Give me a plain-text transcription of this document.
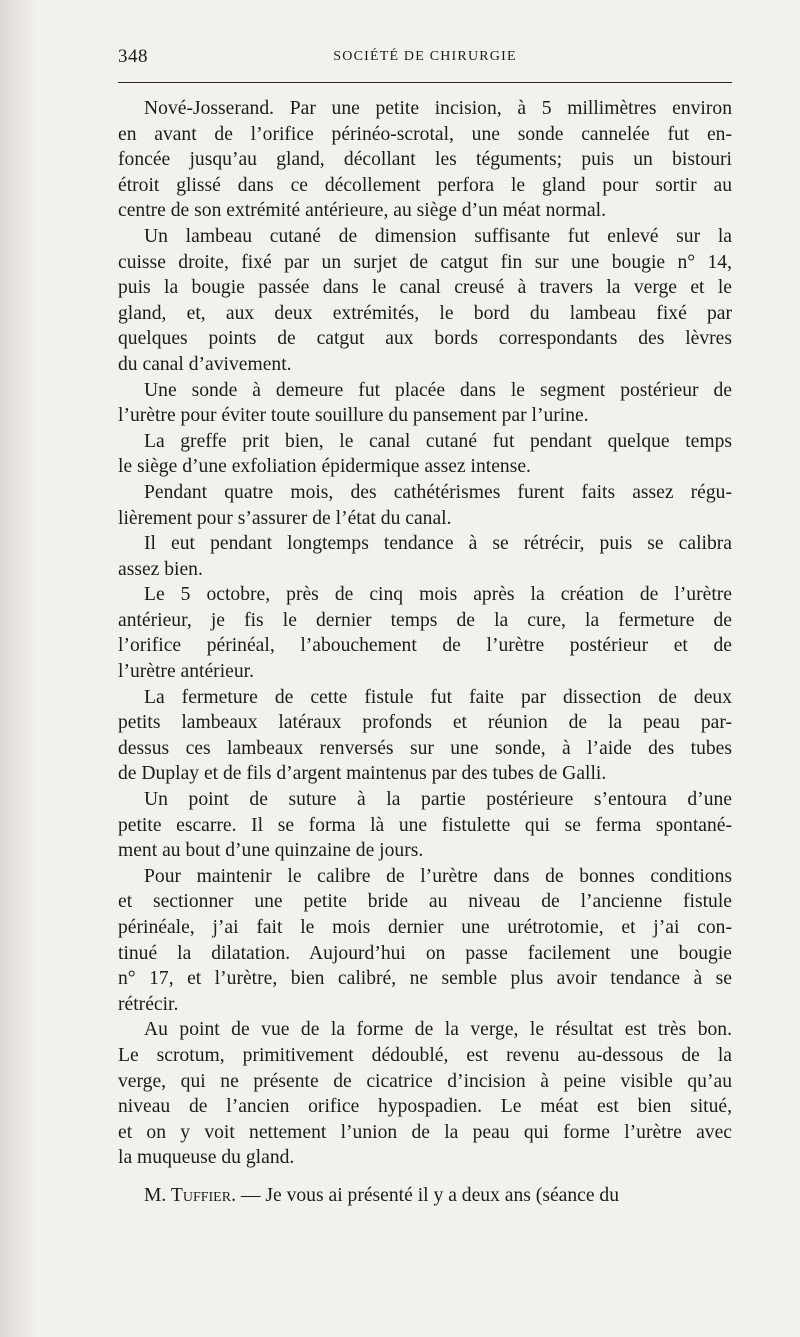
348	SOCIÉTÉ DE CHIRURGIE

Nové-Josserand. Par une petite incision, à 5 millimètres environ
en avant de l’orifice périnéo-scrotal, une sonde cannelée fut en-
foncée jusqu’au gland, décollant les téguments; puis un bistouri
étroit glissé dans ce décollement perfora le gland pour sortir au
centre de son extrémité antérieure, au siège d’un méat normal.

Un lambeau cutané de dimension suffisante fut enlevé sur la
cuisse droite, fixé par un surjet de catgut fin sur une bougie n° 14,
puis la bougie passée dans le canal creusé à travers la verge et le
gland, et, aux deux extrémités, le bord du lambeau fixé par
quelques points de catgut aux bords correspondants des lèvres
du canal d’avivement.

Une sonde à demeure fut placée dans le segment postérieur de
l’urètre pour éviter toute souillure du pansement par l’urine.

La greffe prit bien, le canal cutané fut pendant quelque temps
le siège d’une exfoliation épidermique assez intense.

Pendant quatre mois, des cathétérismes furent faits assez régu-
lièrement pour s’assurer de l’état du canal.

Il eut pendant longtemps tendance à se rétrécir, puis se calibra
assez bien.

Le 5 octobre, près de cinq mois après la création de l’urètre
antérieur, je fis le dernier temps de la cure, la fermeture de
l’orifice périnéal, l’abouchement de l’urètre postérieur et de
l’urètre antérieur.

La fermeture de cette fistule fut faite par dissection de deux
petits lambeaux latéraux profonds et réunion de la peau par-
dessus ces lambeaux renversés sur une sonde, à l’aide des tubes
de Duplay et de fils d’argent maintenus par des tubes de Galli.

Un point de suture à la partie postérieure s’entoura d’une
petite escarre. Il se forma là une fistulette qui se ferma spontané-
ment au bout d’une quinzaine de jours.

Pour maintenir le calibre de l’urètre dans de bonnes conditions
et sectionner une petite bride au niveau de l’ancienne fistule
périnéale, j’ai fait le mois dernier une urétrotomie, et j’ai con-
tinué la dilatation. Aujourd’hui on passe facilement une bougie
n° 17, et l’urètre, bien calibré, ne semble plus avoir tendance à se
rétrécir.

Au point de vue de la forme de la verge, le résultat est très bon.
Le scrotum, primitivement dédoublé, est revenu au-dessous de la
verge, qui ne présente de cicatrice d’incision à peine visible qu’au
niveau de l’ancien orifice hypospadien. Le méat est bien situé,
et on y voit nettement l’union de la peau qui forme l’urètre avec
la muqueuse du gland.

M. Tuffier. — Je vous ai présenté il y a deux ans (séance du
